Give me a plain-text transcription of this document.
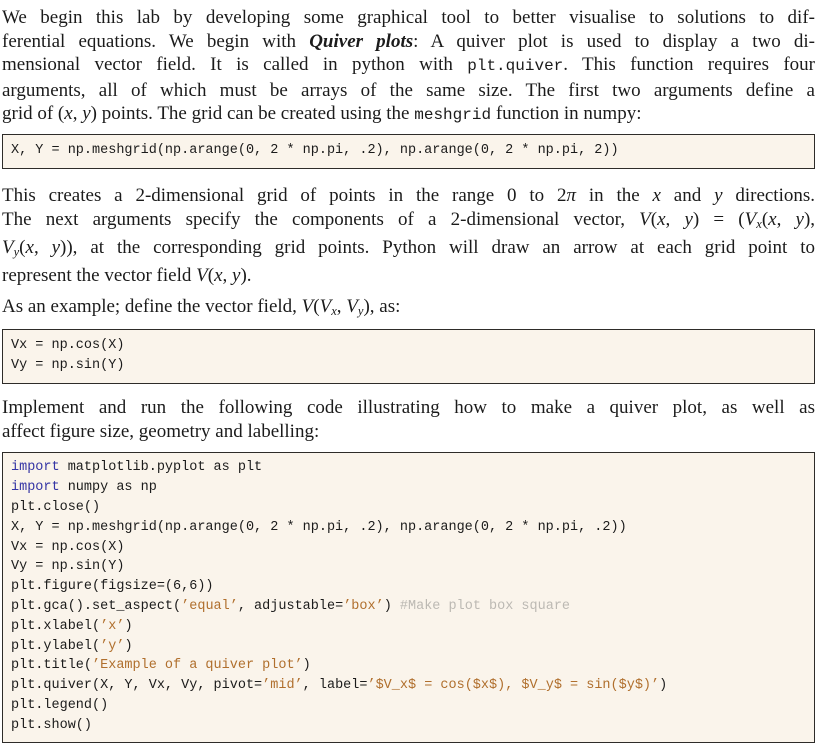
We begin this lab by developing some graphical tool to better visualise to solutions to dif-
ferential equations. We begin with Quiver plots: A quiver plot is used to display a two di-
mensional vector field. It is called in python with plt.quiver. This function requires four
arguments, all of which must be arrays of the same size. The first two arguments define a
grid of (x, y) points. The grid can be created using the meshgrid function in numpy:
X, Y = np.meshgrid(np.arange(0, 2 * np.pi, .2), np.arange(0, 2 * np.pi, 2))
This creates a 2-dimensional grid of points in the range 0 to 2π in the x and y directions.
The next arguments specify the components of a 2-dimensional vector, V(x, y) = (Vx(x, y),
Vy(x, y)), at the corresponding grid points. Python will draw an arrow at each grid point to
represent the vector field V(x, y).
As an example; define the vector field, V(Vx, Vy), as:
Vx = np.cos(X)
Vy = np.sin(Y)
Implement and run the following code illustrating how to make a quiver plot, as well as
affect figure size, geometry and labelling:
import matplotlib.pyplot as plt
import numpy as np
plt.close()
X, Y = np.meshgrid(np.arange(0, 2 * np.pi, .2), np.arange(0, 2 * np.pi, .2))
Vx = np.cos(X)
Vy = np.sin(Y)
plt.figure(figsize=(6,6))
plt.gca().set_aspect(’equal’, adjustable=’box’) #Make plot box square
plt.xlabel(’x’)
plt.ylabel(’y’)
plt.title(’Example of a quiver plot’)
plt.quiver(X, Y, Vx, Vy, pivot=’mid’, label=’$V_x$ = cos($x$), $V_y$ = sin($y$)’)
plt.legend()
plt.show()
